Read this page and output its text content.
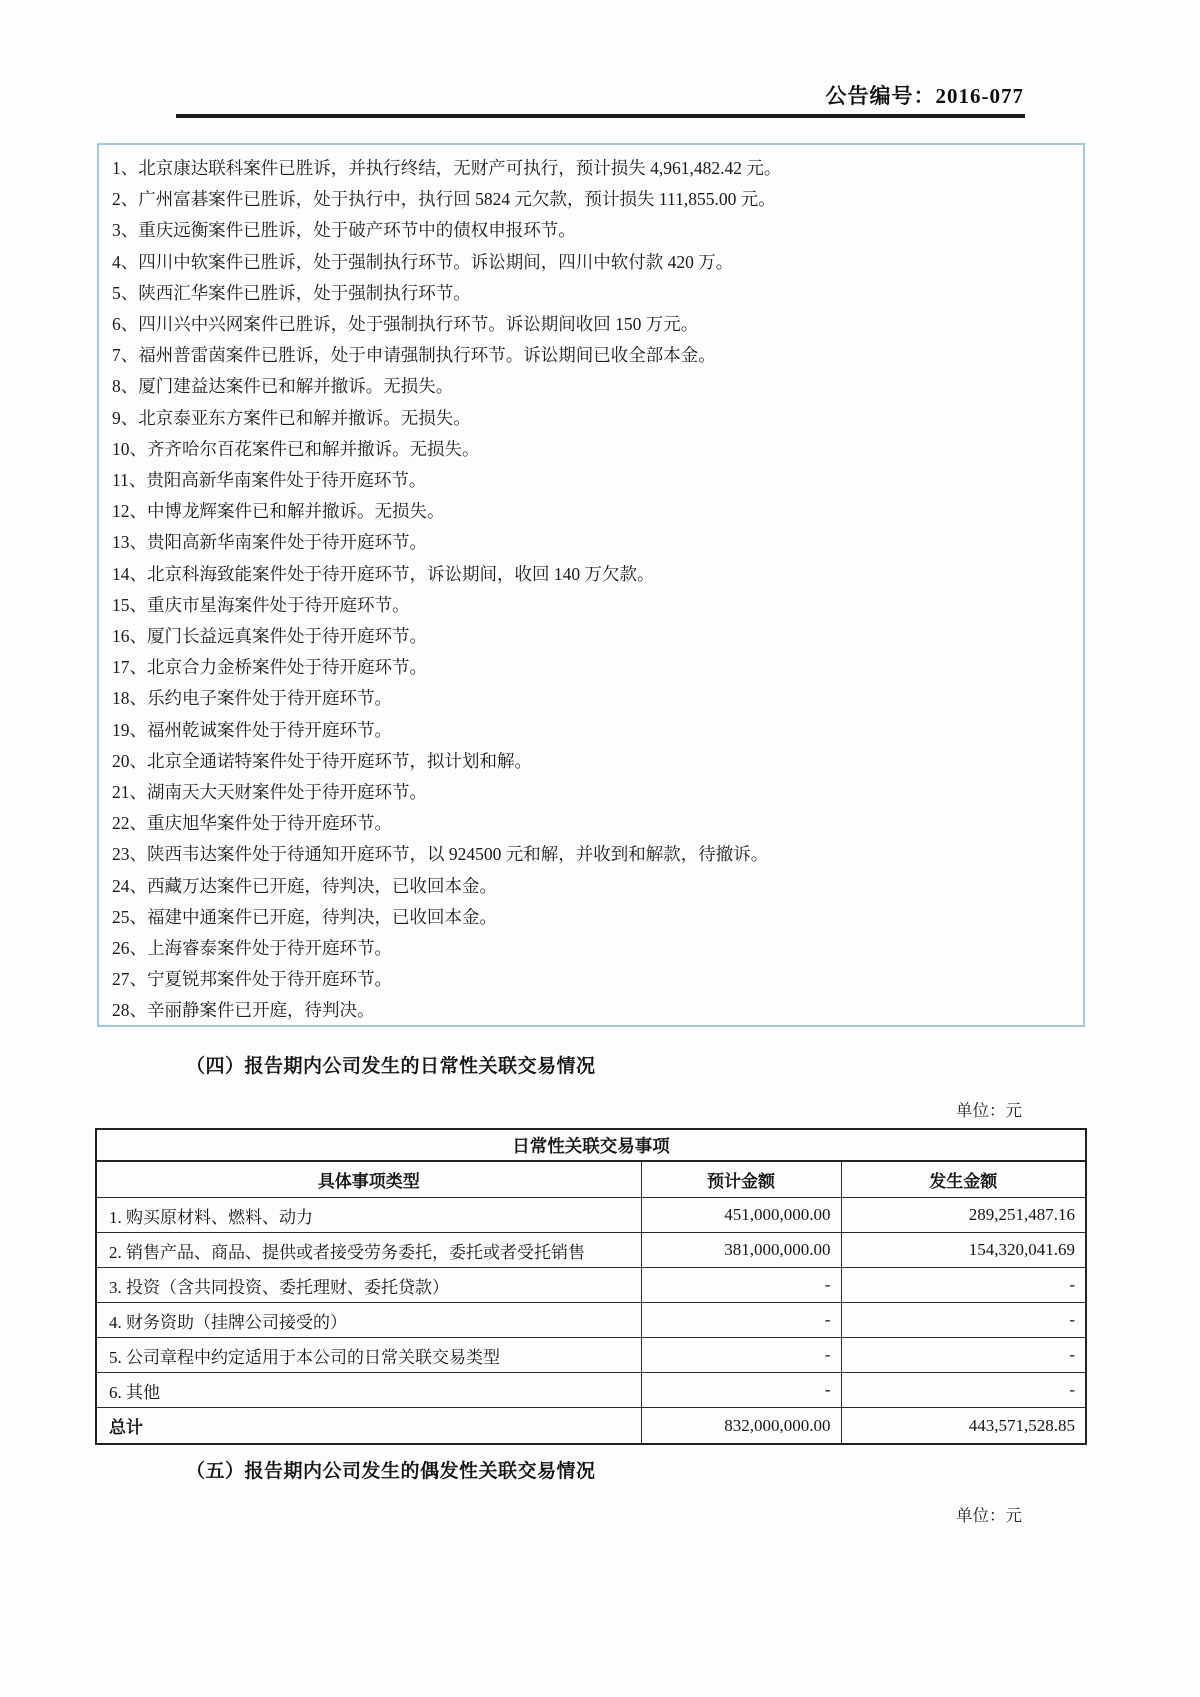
公告编号：2016-077
1、北京康达联科案件已胜诉，并执行终结，无财产可执行，预计损失 4,961,482.42 元。
2、广州富碁案件已胜诉，处于执行中，执行回 5824 元欠款，预计损失 111,855.00 元。
3、重庆远衡案件已胜诉，处于破产环节中的债权申报环节。
4、四川中软案件已胜诉，处于强制执行环节。诉讼期间，四川中软付款 420 万。
5、陕西汇华案件已胜诉，处于强制执行环节。
6、四川兴中兴网案件已胜诉，处于强制执行环节。诉讼期间收回 150 万元。
7、福州普雷茵案件已胜诉，处于申请强制执行环节。诉讼期间已收全部本金。
8、厦门建益达案件已和解并撤诉。无损失。
9、北京泰亚东方案件已和解并撤诉。无损失。
10、齐齐哈尔百花案件已和解并撤诉。无损失。
11、贵阳高新华南案件处于待开庭环节。
12、中博龙辉案件已和解并撤诉。无损失。
13、贵阳高新华南案件处于待开庭环节。
14、北京科海致能案件处于待开庭环节，诉讼期间，收回 140 万欠款。
15、重庆市星海案件处于待开庭环节。
16、厦门长益远真案件处于待开庭环节。
17、北京合力金桥案件处于待开庭环节。
18、乐约电子案件处于待开庭环节。
19、福州乾诚案件处于待开庭环节。
20、北京全通诺特案件处于待开庭环节，拟计划和解。
21、湖南天大天财案件处于待开庭环节。
22、重庆旭华案件处于待开庭环节。
23、陕西韦达案件处于待通知开庭环节，以 924500 元和解，并收到和解款，待撤诉。
24、西藏万达案件已开庭，待判决，已收回本金。
25、福建中通案件已开庭，待判决，已收回本金。
26、上海睿泰案件处于待开庭环节。
27、宁夏锐邦案件处于待开庭环节。
28、辛丽静案件已开庭，待判决。
（四）报告期内公司发生的日常性关联交易情况
单位：元
日常性关联交易事项		
具体事项类型	预计金额	发生金额
1. 购买原材料、燃料、动力	451,000,000.00	289,251,487.16
2. 销售产品、商品、提供或者接受劳务委托，委托或者受托销售	381,000,000.00	154,320,041.69
3. 投资（含共同投资、委托理财、委托贷款）	-	-
4. 财务资助（挂牌公司接受的）	-	-
5. 公司章程中约定适用于本公司的日常关联交易类型	-	-
6. 其他	-	-
总计	832,000,000.00	443,571,528.85
（五）报告期内公司发生的偶发性关联交易情况
单位：元
